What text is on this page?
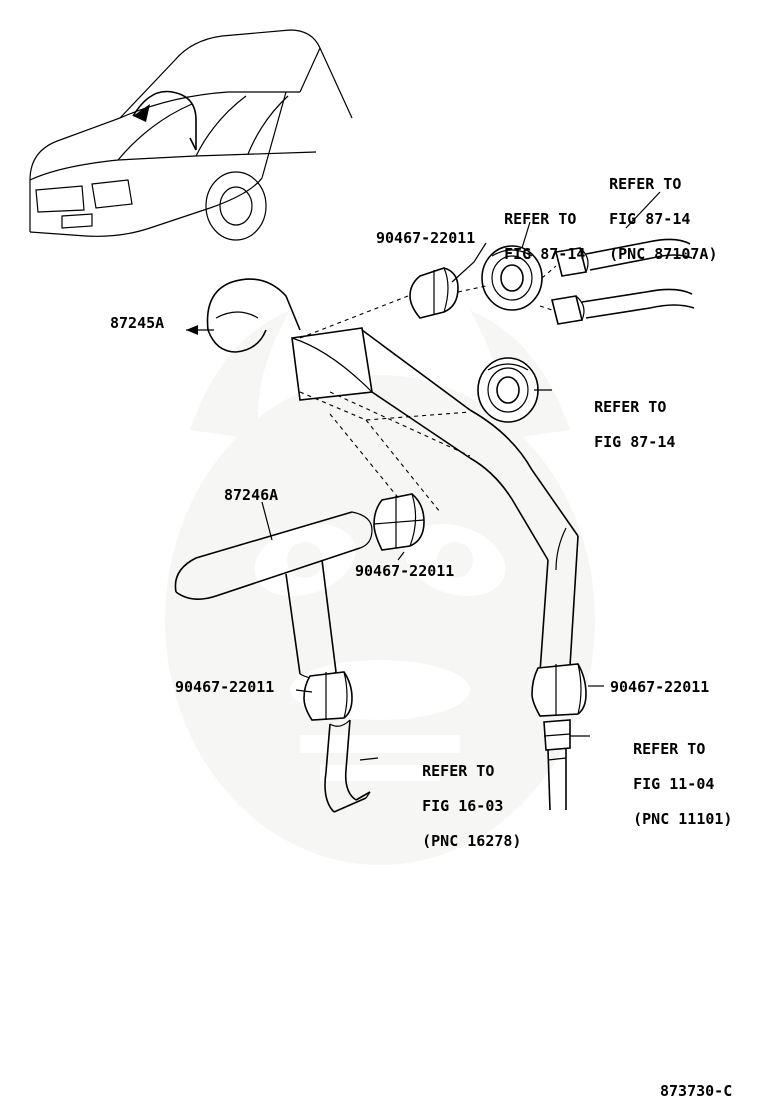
87245A
87246A
90467-22011
90467-22011
90467-22011	90467-22011

REFER TO

FIG 87-14

(PNC 87107A)

REFER TO

FIG 87-14

REFER TO

FIG 87-14

REFER TO

FIG 16-03

(PNC 16278)

REFER TO

FIG 11-04

(PNC 11101)

873730-C
